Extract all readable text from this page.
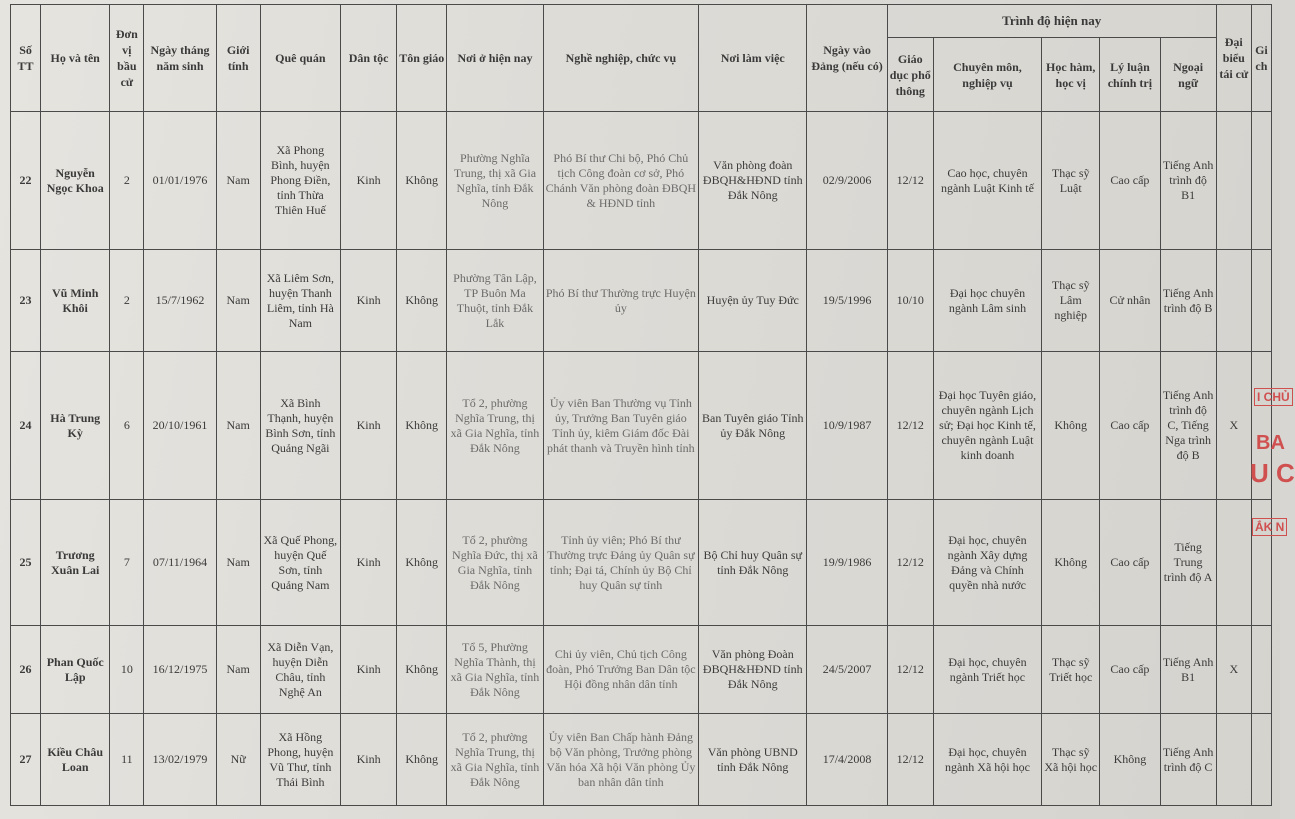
Số TT	Họ và tên	Đơn vị bầu cử	Ngày tháng năm sinh	Giới tính	Quê quán	Dân tộc	Tôn giáo	Nơi ở hiện nay	Nghề nghiệp, chức vụ	Nơi làm việc	Ngày vào Đảng (nếu có)	Trình độ hiện nay					Đại biểu tái cử	Gi ch
												Giáo dục phổ thông	Chuyên môn, nghiệp vụ	Học hàm, học vị	Lý luận chính trị	Ngoại ngữ		
22	Nguyễn Ngọc Khoa	2	01/01/1976	Nam	Xã Phong Bình, huyện Phong Điền, tỉnh Thừa Thiên Huế	Kinh	Không	Phường Nghĩa Trung, thị xã Gia Nghĩa, tỉnh Đắk Nông	Phó Bí thư Chi bộ, Phó Chủ tịch Công đoàn cơ sở, Phó Chánh Văn phòng đoàn ĐBQH & HĐND tỉnh	Văn phòng đoàn ĐBQH&HĐND tỉnh Đắk Nông	02/9/2006	12/12	Cao học, chuyên ngành Luật Kinh tế	Thạc sỹ Luật	Cao cấp	Tiếng Anh trình độ B1		
23	Vũ Minh Khôi	2	15/7/1962	Nam	Xã Liêm Sơn, huyện Thanh Liêm, tỉnh Hà Nam	Kinh	Không	Phường Tân Lập, TP Buôn Ma Thuột, tỉnh Đắk Lắk	Phó Bí thư Thường trực Huyện ủy	Huyện ủy Tuy Đức	19/5/1996	10/10	Đại học chuyên ngành Lâm sinh	Thạc sỹ Lâm nghiệp	Cử nhân	Tiếng Anh trình độ B		
24	Hà Trung Kỳ	6	20/10/1961	Nam	Xã Bình Thạnh, huyện Bình Sơn, tỉnh Quảng Ngãi	Kinh	Không	Tổ 2, phường Nghĩa Trung, thị xã Gia Nghĩa, tỉnh Đắk Nông	Ủy viên Ban Thường vụ Tỉnh ủy, Trưởng Ban Tuyên giáo Tỉnh ủy, kiêm Giám đốc Đài phát thanh và Truyền hình tỉnh	Ban Tuyên giáo Tỉnh ủy Đắk Nông	10/9/1987	12/12	Đại học Tuyên giáo, chuyên ngành Lịch sử; Đại học Kinh tế, chuyên ngành Luật kinh doanh	Không	Cao cấp	Tiếng Anh trình độ C, Tiếng Nga trình độ B	X	
25	Trương Xuân Lai	7	07/11/1964	Nam	Xã Quế Phong, huyện Quế Sơn, tỉnh Quảng Nam	Kinh	Không	Tổ 2, phường Nghĩa Đức, thị xã Gia Nghĩa, tỉnh Đắk Nông	Tỉnh ủy viên; Phó Bí thư Thường trực Đảng ủy Quân sự tỉnh; Đại tá, Chính ủy Bộ Chỉ huy Quân sự tỉnh	Bộ Chỉ huy Quân sự tỉnh Đắk Nông	19/9/1986	12/12	Đại học, chuyên ngành Xây dựng Đảng và Chính quyền nhà nước	Không	Cao cấp	Tiếng Trung trình độ A		
26	Phan Quốc Lập	10	16/12/1975	Nam	Xã Diễn Vạn, huyện Diễn Châu, tỉnh Nghệ An	Kinh	Không	Tổ 5, Phường Nghĩa Thành, thị xã Gia Nghĩa, tỉnh Đắk Nông	Chi ủy viên, Chủ tịch Công đoàn, Phó Trưởng Ban Dân tộc Hội đồng nhân dân tỉnh	Văn phòng Đoàn ĐBQH&HĐND tỉnh Đắk Nông	24/5/2007	12/12	Đại học, chuyên ngành Triết học	Thạc sỹ Triết học	Cao cấp	Tiếng Anh B1	X	
27	Kiều Châu Loan	11	13/02/1979	Nữ	Xã Hồng Phong, huyện Vũ Thư, tỉnh Thái Bình	Kinh	Không	Tổ 2, phường Nghĩa Trung, thị xã Gia Nghĩa, tỉnh Đắk Nông	Ủy viên Ban Chấp hành Đảng bộ Văn phòng, Trưởng phòng Văn hóa Xã hội Văn phòng Ủy ban nhân dân tỉnh	Văn phòng UBND tỉnh Đắk Nông	17/4/2008	12/12	Đại học, chuyên ngành Xã hội học	Thạc sỹ Xã hội học	Không	Tiếng Anh trình độ C		
I CHỦ
BA
U C
ẮK N
